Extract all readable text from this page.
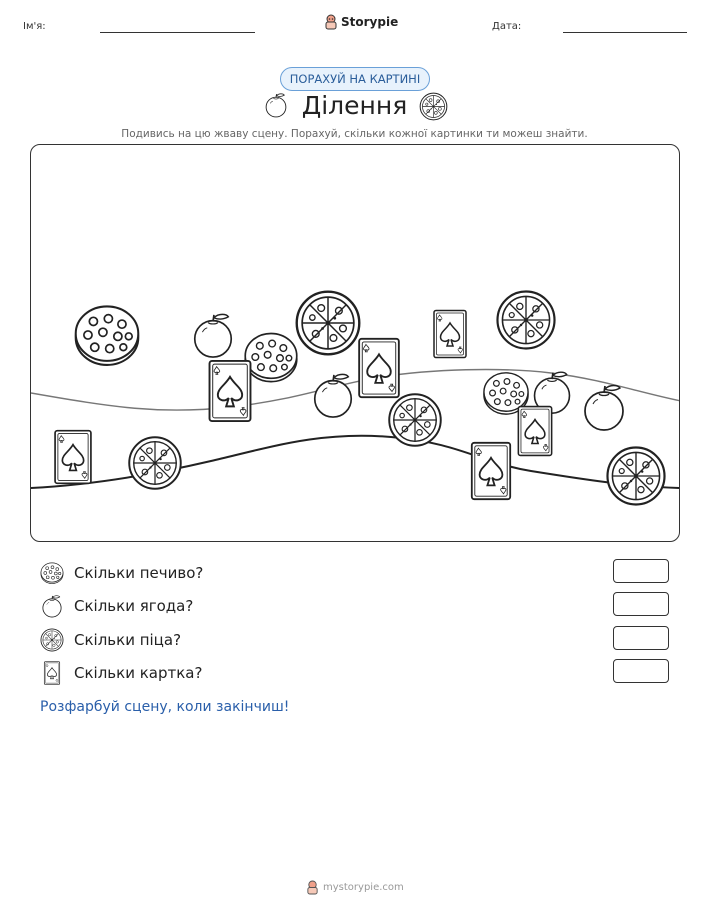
Ім'я:	Storypie	Дата:
ПОРАХУЙ НА КАРТИНІ
Ділення
Подивись на цю жваву сцену. Порахуй, скільки кожної картинки ти можеш знайти.
Скільки печиво?
Скільки ягода?
Скільки піца?
Скільки картка?
Розфарбуй сцену, коли закінчиш!
mystorypie.com
